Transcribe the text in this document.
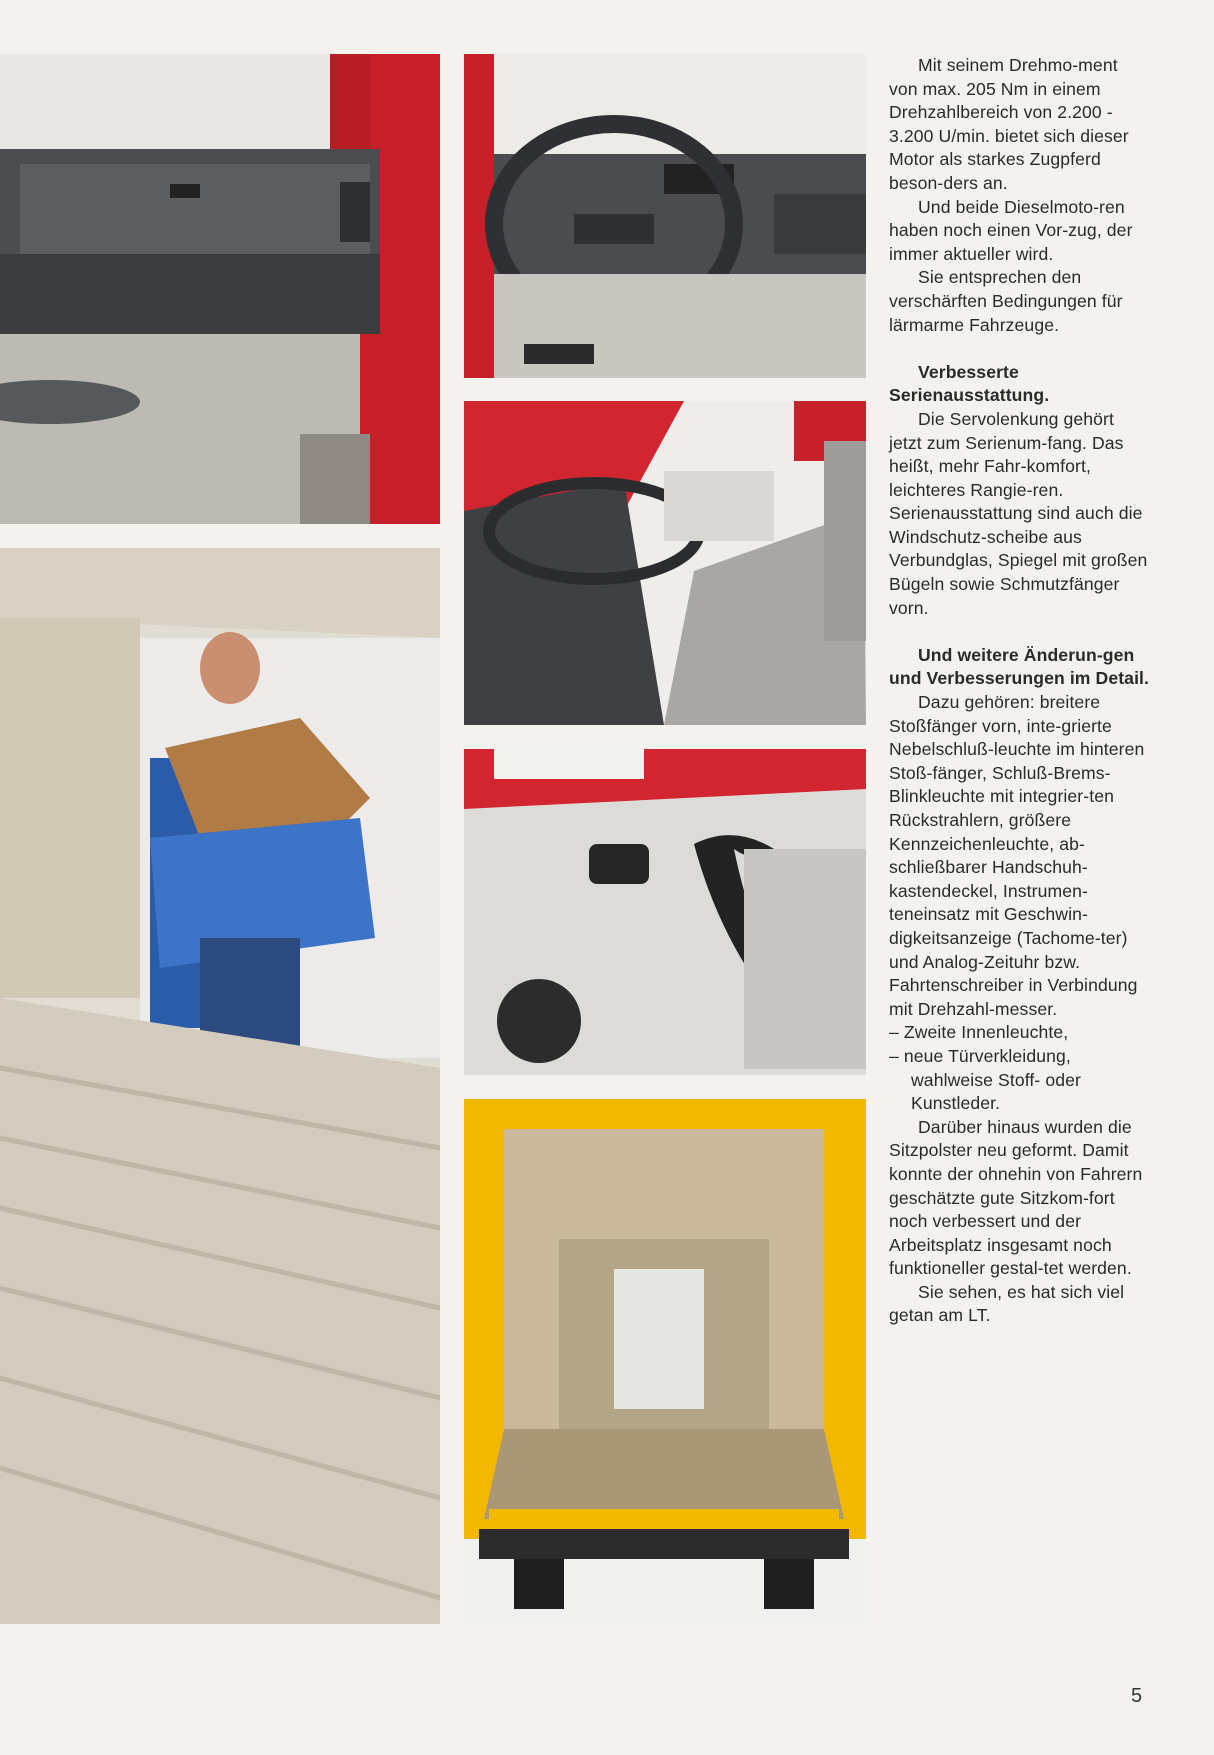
Mit seinem Drehmo-ment von max. 205 Nm in einem Drehzahlbereich von 2.200 - 3.200 U/min. bietet sich dieser Motor als starkes Zugpferd beson-ders an.

Und beide Dieselmoto-ren haben noch einen Vor-zug, der immer aktueller wird.

Sie entsprechen den verschärften Bedingungen für lärmarme Fahrzeuge.

Verbesserte Serienausstattung.

Die Servolenkung gehört jetzt zum Serienum-fang. Das heißt, mehr Fahr-komfort, leichteres Rangie-ren. Serienausstattung sind auch die Windschutz-scheibe aus Verbundglas, Spiegel mit großen Bügeln sowie Schmutzfänger vorn.

Und weitere Änderun-gen und Verbesserungen im Detail.

Dazu gehören: breitere Stoßfänger vorn, inte-grierte Nebelschluß-leuchte im hinteren Stoß-fänger, Schluß-Brems-Blinkleuchte mit integrier-ten Rückstrahlern, größere Kennzeichenleuchte, ab-schließbarer Handschuh-kastendeckel, Instrumen-teneinsatz mit Geschwin-digkeitsanzeige (Tachome-ter) und Analog-Zeituhr bzw. Fahrtenschreiber in Verbindung mit Drehzahl-messer.

– Zweite Innenleuchte,

– neue Türverkleidung, wahlweise Stoff- oder Kunstleder.

Darüber hinaus wurden die Sitzpolster neu geformt. Damit konnte der ohnehin von Fahrern geschätzte gute Sitzkom-fort noch verbessert und der Arbeitsplatz insgesamt noch funktioneller gestal-tet werden.

Sie sehen, es hat sich viel getan am LT.

5
